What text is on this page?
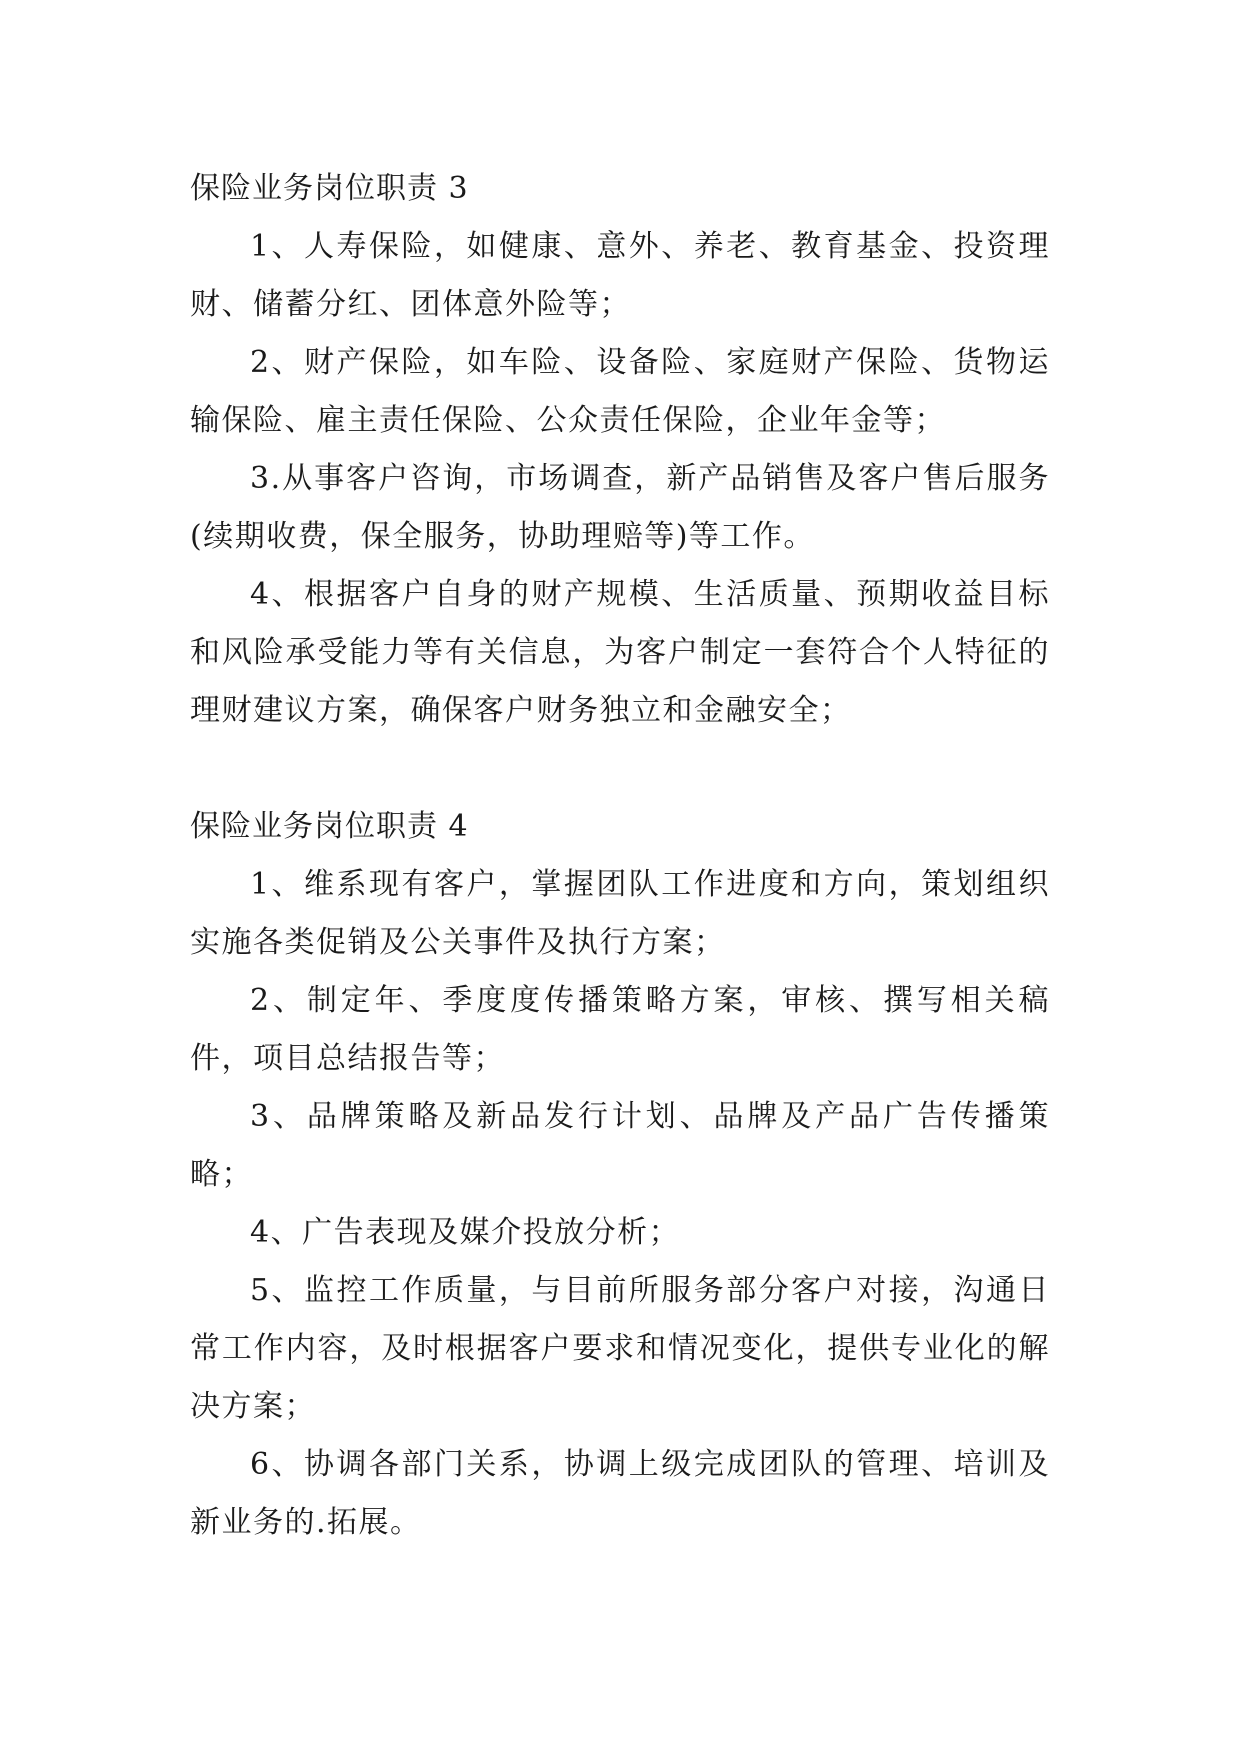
保险业务岗位职责 3

1、人寿保险，如健康、意外、养老、教育基金、投资理财、储蓄分红、团体意外险等；

2、财产保险，如车险、设备险、家庭财产保险、货物运输保险、雇主责任保险、公众责任保险，企业年金等；

3.从事客户咨询，市场调查，新产品销售及客户售后服务(续期收费，保全服务，协助理赔等)等工作。

4、根据客户自身的财产规模、生活质量、预期收益目标和风险承受能力等有关信息，为客户制定一套符合个人特征的理财建议方案，确保客户财务独立和金融安全；

保险业务岗位职责 4

1、维系现有客户，掌握团队工作进度和方向，策划组织实施各类促销及公关事件及执行方案；

2、制定年、季度度传播策略方案，审核、撰写相关稿件，项目总结报告等；

3、品牌策略及新品发行计划、品牌及产品广告传播策略；

4、广告表现及媒介投放分析；

5、监控工作质量，与目前所服务部分客户对接，沟通日常工作内容，及时根据客户要求和情况变化，提供专业化的解决方案；

6、协调各部门关系，协调上级完成团队的管理、培训及新业务的.拓展。
